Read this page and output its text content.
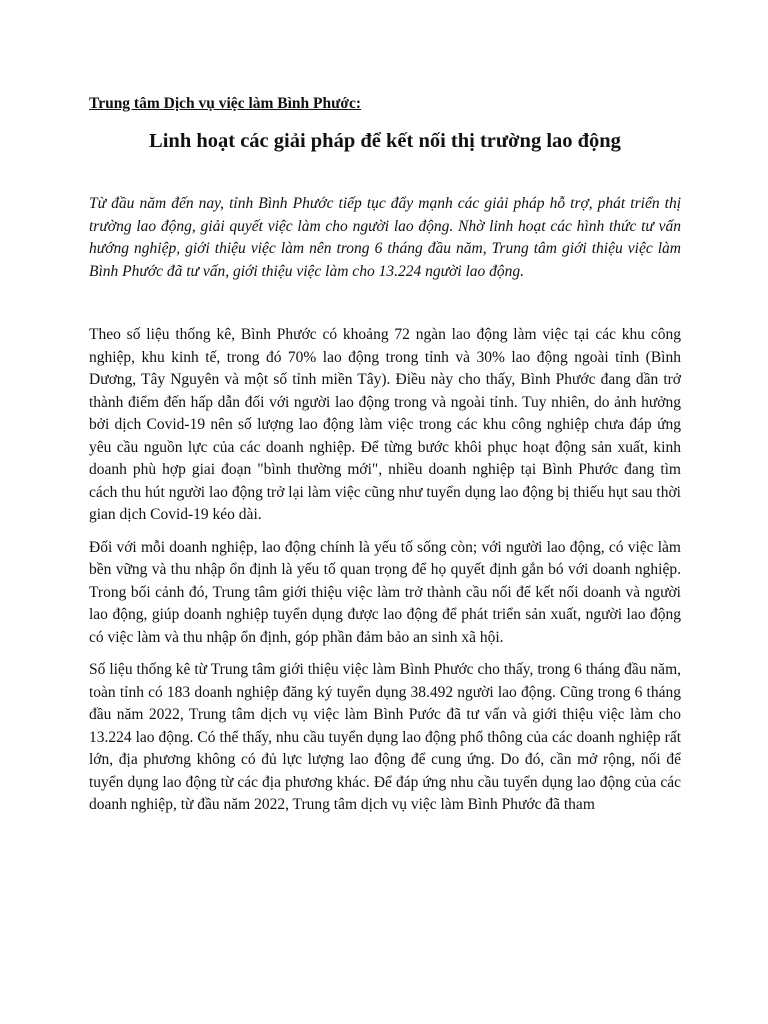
Trung tâm Dịch vụ việc làm Bình Phước:

Linh hoạt các giải pháp để kết nối thị trường lao động

Từ đầu năm đến nay, tỉnh Bình Phước tiếp tục đẩy mạnh các giải pháp hỗ trợ, phát triển thị trường lao động, giải quyết việc làm cho người lao động. Nhờ linh hoạt các hình thức tư vấn hướng nghiệp, giới thiệu việc làm nên trong 6 tháng đầu năm, Trung tâm giới thiệu việc làm Bình Phước đã tư vấn, giới thiệu việc làm cho 13.224 người lao động.

Theo số liệu thống kê, Bình Phước có khoảng 72 ngàn lao động làm việc tại các khu công nghiệp, khu kinh tế, trong đó 70% lao động trong tỉnh và 30% lao động ngoài tỉnh (Bình Dương, Tây Nguyên và một số tỉnh miền Tây). Điều này cho thấy, Bình Phước đang dần trở thành điểm đến hấp dẫn đối với người lao động trong và ngoài tỉnh. Tuy nhiên, do ảnh hưởng bởi dịch Covid-19 nên số lượng lao động làm việc trong các khu công nghiệp chưa đáp ứng yêu cầu nguồn lực của các doanh nghiệp. Để từng bước khôi phục hoạt động sản xuất, kinh doanh phù hợp giai đoạn "bình thường mới", nhiều doanh nghiệp tại Bình Phước đang tìm cách thu hút người lao động trở lại làm việc cũng như tuyển dụng lao động bị thiếu hụt sau thời gian dịch Covid-19 kéo dài.

Đối với mỗi doanh nghiệp, lao động chính là yếu tố sống còn; với người lao động, có việc làm bền vững và thu nhập ổn định là yếu tố quan trọng để họ quyết định gắn bó với doanh nghiệp. Trong bối cảnh đó, Trung tâm giới thiệu việc làm trở thành cầu nối để kết nối doanh và người lao động, giúp doanh nghiệp tuyển dụng được lao động để phát triển sản xuất, người lao động có việc làm và thu nhập ổn định, góp phần đảm bảo an sinh xã hội.

Số liệu thống kê từ Trung tâm giới thiệu việc làm Bình Phước cho thấy, trong 6 tháng đầu năm, toàn tỉnh có 183 doanh nghiệp đăng ký tuyển dụng 38.492 người lao động. Cũng trong 6 tháng đầu năm 2022, Trung tâm dịch vụ việc làm Bình Pước đã tư vấn và giới thiệu việc làm cho 13.224 lao động. Có thể thấy, nhu cầu tuyển dụng lao động phổ thông của các doanh nghiệp rất lớn, địa phương không có đủ lực lượng lao động để cung ứng. Do đó, cần mở rộng, nối để tuyển dụng lao động từ các địa phương khác. Để đáp ứng nhu cầu tuyển dụng lao động của các doanh nghiệp, từ đầu năm 2022, Trung tâm dịch vụ việc làm Bình Phước đã tham
